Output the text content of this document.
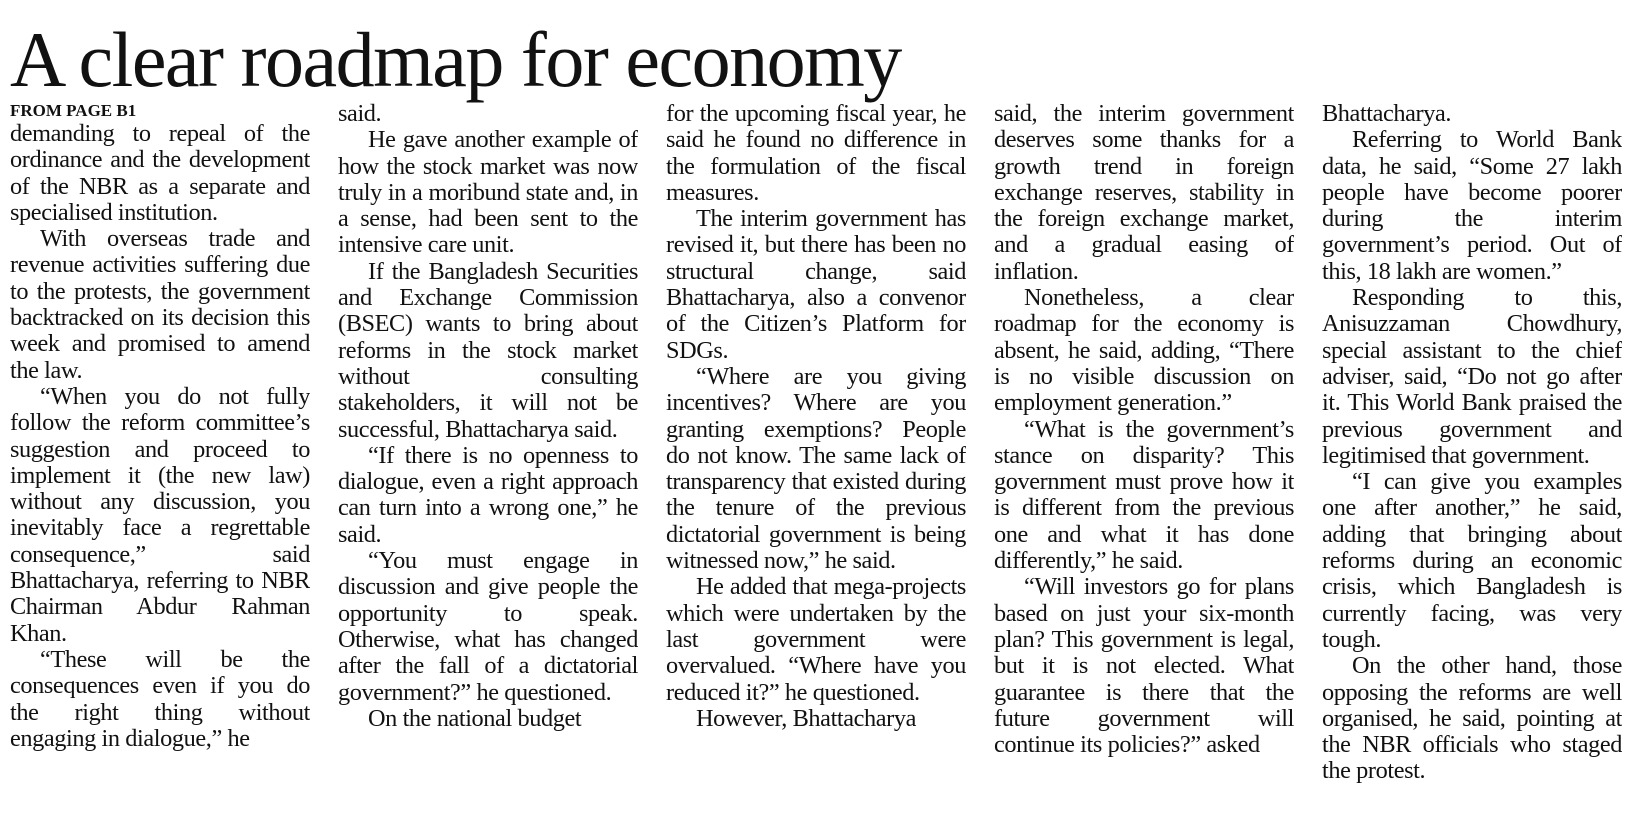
A clear roadmap for economy
FROM PAGE B1

demanding to repeal of the ordinance and the development of the NBR as a separate and specialised institution.

With overseas trade and revenue activities suffering due to the protests, the government backtracked on its decision this week and promised to amend the law.

“When you do not fully follow the reform committee’s suggestion and proceed to implement it (the new law) without any discussion, you inevitably face a regrettable consequence,” said Bhattacharya, referring to NBR Chairman Abdur Rahman Khan.

“These will be the consequences even if you do the right thing without engaging in dialogue,” he

said.

He gave another example of how the stock market was now truly in a moribund state and, in a sense, had been sent to the intensive care unit.

If the Bangladesh Securities and Exchange Commission (BSEC) wants to bring about reforms in the stock market without consulting stakeholders, it will not be successful, Bhattacharya said.

“If there is no openness to dialogue, even a right approach can turn into a wrong one,” he said.

“You must engage in discussion and give people the opportunity to speak. Otherwise, what has changed after the fall of a dictatorial government?” he questioned.

On the national budget

for the upcoming fiscal year, he said he found no difference in the formulation of the fiscal measures.

The interim government has revised it, but there has been no structural change, said Bhattacharya, also a convenor of the Citizen’s Platform for SDGs.

“Where are you giving incentives? Where are you granting exemptions? People do not know. The same lack of transparency that existed during the tenure of the previous dictatorial government is being witnessed now,” he said.

He added that mega-projects which were undertaken by the last government were overvalued. “Where have you reduced it?” he questioned.

However, Bhattacharya

said, the interim government deserves some thanks for a growth trend in foreign exchange reserves, stability in the foreign exchange market, and a gradual easing of inflation.

Nonetheless, a clear roadmap for the economy is absent, he said, adding, “There is no visible discussion on employment generation.”

“What is the government’s stance on disparity? This government must prove how it is different from the previous one and what it has done differently,” he said.

“Will investors go for plans based on just your six-month plan? This government is legal, but it is not elected. What guarantee is there that the future government will continue its policies?” asked

Bhattacharya.

Referring to World Bank data, he said, “Some 27 lakh people have become poorer during the interim government’s period. Out of this, 18 lakh are women.”

Responding to this, Anisuzzaman Chowdhury, special assistant to the chief adviser, said, “Do not go after it. This World Bank praised the previous government and legitimised that government.

“I can give you examples one after another,” he said, adding that bringing about reforms during an economic crisis, which Bangladesh is currently facing, was very tough.

On the other hand, those opposing the reforms are well organised, he said, pointing at the NBR officials who staged the protest.
